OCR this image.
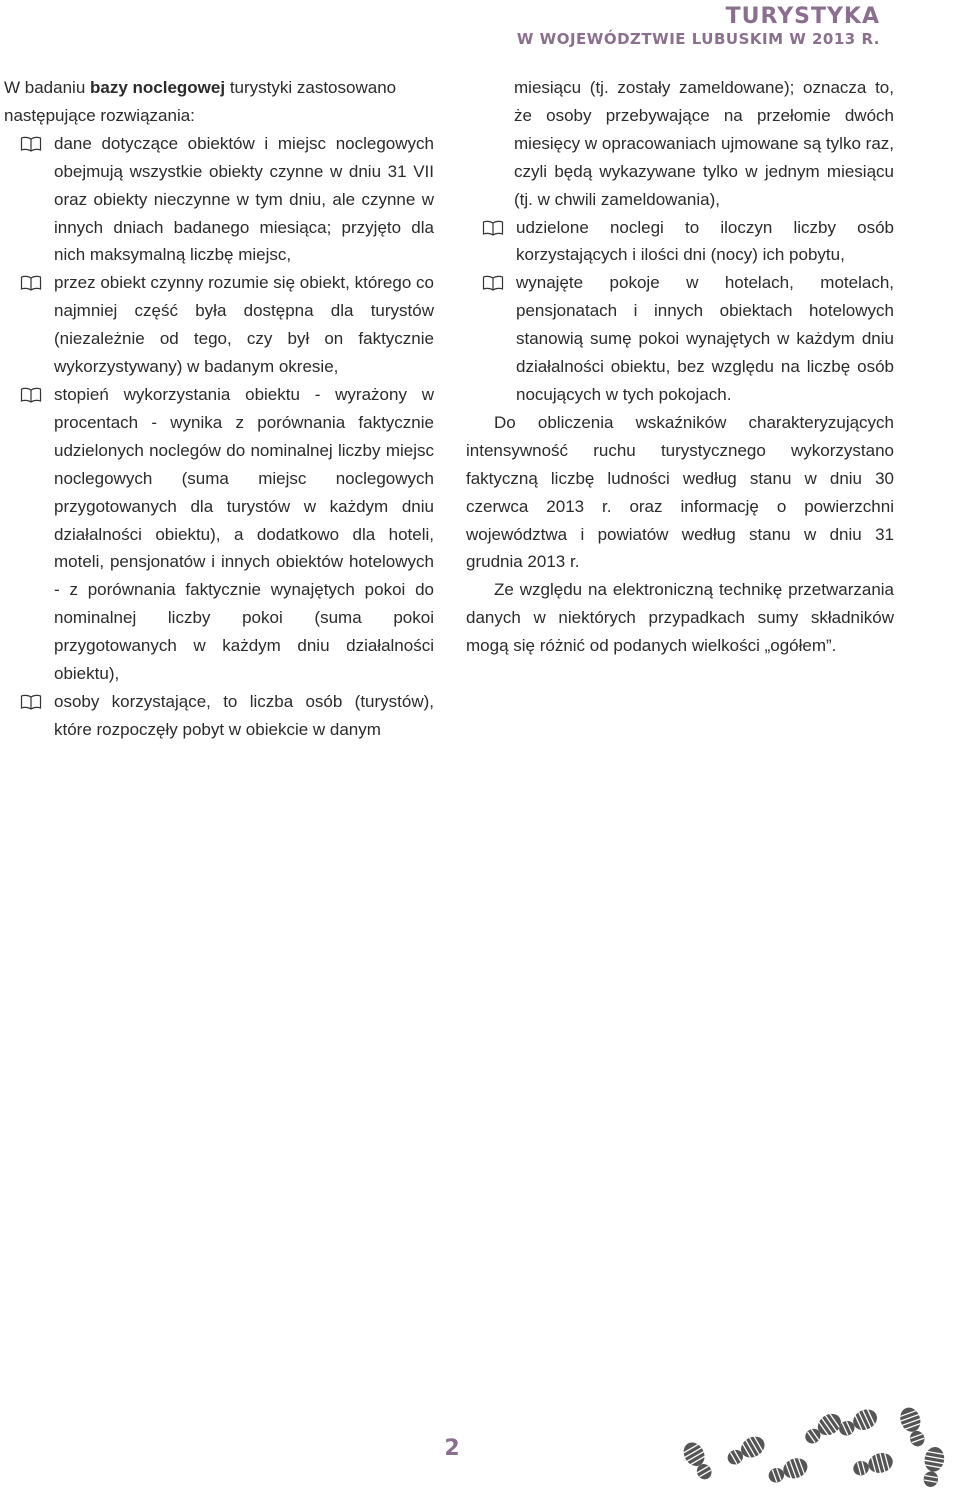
TURYSTYKA
W WOJEWÓDZTWIE LUBUSKIM W 2013 R.

W badaniu bazy noclegowej turystyki zastosowano następujące rozwiązania:

dane dotyczące obiektów i miejsc noclegowych obejmują wszystkie obiekty czynne w dniu 31 VII oraz obiekty nieczynne w tym dniu, ale czynne w innych dniach badanego miesiąca; przyjęto dla nich maksymalną liczbę miejsc,

przez obiekt czynny rozumie się obiekt, którego co najmniej część była dostępna dla turystów (niezależnie od tego, czy był on faktycznie wykorzystywany) w badanym okresie,

stopień wykorzystania obiektu - wyrażony w procentach - wynika z porównania faktycznie udzielonych noclegów do nominalnej liczby miejsc noclegowych (suma miejsc noclegowych przygotowanych dla turystów w każdym dniu działalności obiektu), a dodatkowo dla hoteli, moteli, pensjonatów i innych obiektów hotelowych - z porównania faktycznie wynajętych pokoi do nominalnej liczby pokoi (suma pokoi przygotowanych w każdym dniu działalności obiektu),

osoby korzystające, to liczba osób (turystów), które rozpoczęły pobyt w obiekcie w danym

miesiącu (tj. zostały zameldowane); oznacza to, że osoby przebywające na przełomie dwóch miesięcy w opracowaniach ujmowane są tylko raz, czyli będą wykazywane tylko w jednym miesiącu (tj. w chwili zameldowania),

udzielone noclegi to iloczyn liczby osób korzystających i ilości dni (nocy) ich pobytu,

wynajęte pokoje w hotelach, motelach, pensjonatach i innych obiektach hotelowych stanowią sumę pokoi wynajętych w każdym dniu działalności obiektu, bez względu na liczbę osób nocujących w tych pokojach.

Do obliczenia wskaźników charakteryzujących intensywność ruchu turystycznego wykorzystano faktyczną liczbę ludności według stanu w dniu 30 czerwca 2013 r. oraz informację o powierzchni województwa i powiatów według stanu w dniu 31 grudnia 2013 r.

Ze względu na elektroniczną technikę przetwarzania danych w niektórych przypadkach sumy składników mogą się różnić od podanych wielkości „ogółem”.

2
